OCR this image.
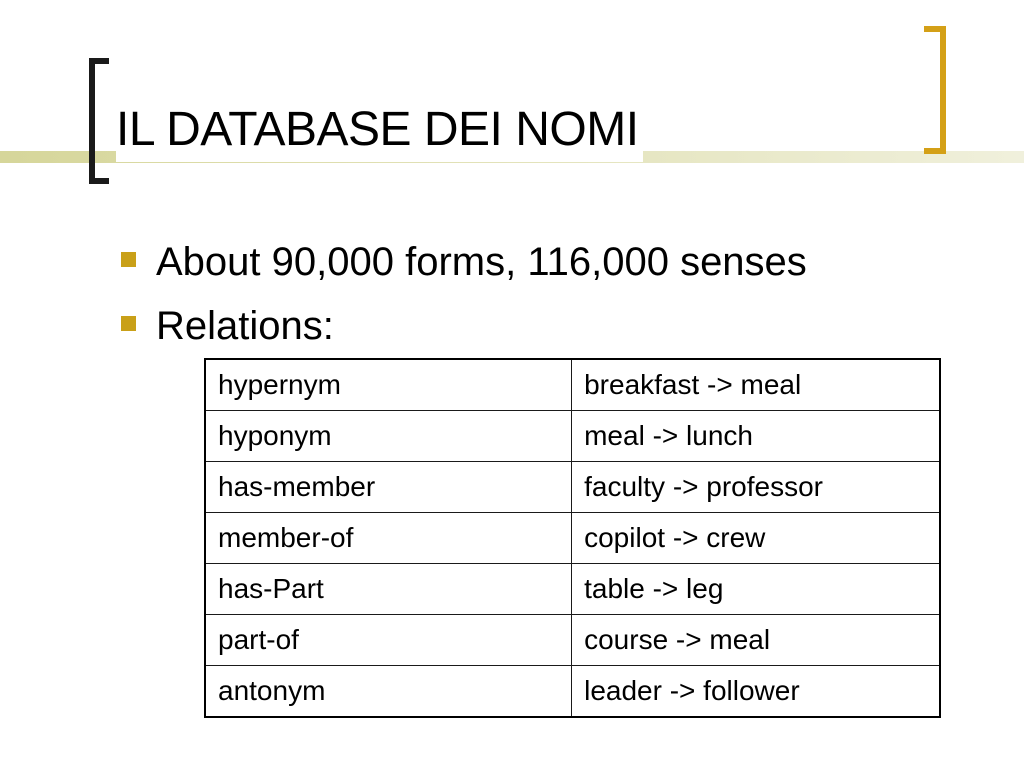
IL DATABASE DEI NOMI
About 90,000 forms, 116,000 senses
Relations:
hypernym	breakfast -> meal
hyponym	meal -> lunch
has-member	faculty -> professor
member-of	copilot -> crew
has-Part	table -> leg
part-of	course -> meal
antonym	leader -> follower
